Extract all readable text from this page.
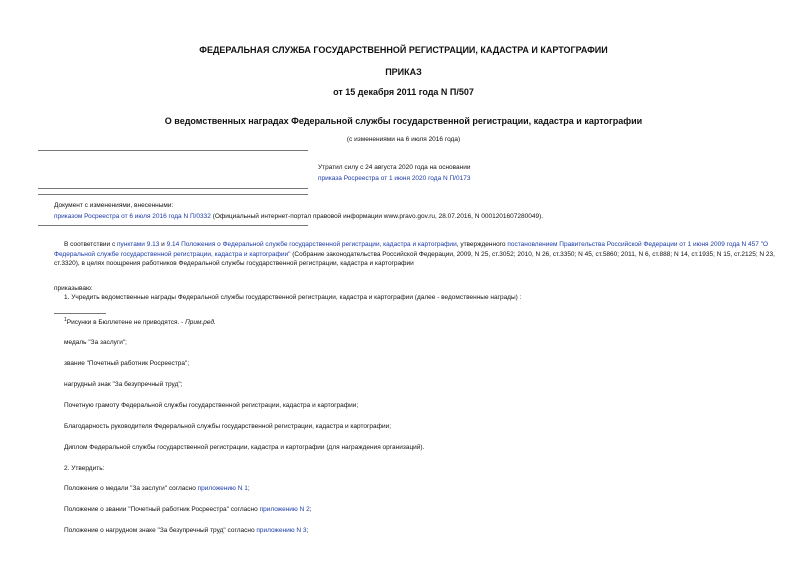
ФЕДЕРАЛЬНАЯ СЛУЖБА ГОСУДАРСТВЕННОЙ РЕГИСТРАЦИИ, КАДАСТРА И КАРТОГРАФИИ
ПРИКАЗ
от 15 декабря 2011 года N П/507
О ведомственных наградах Федеральной службы государственной регистрации, кадастра и картографии
(с изменениями на 6 июля 2016 года)
Утратил силу с 24 августа 2020 года на основании
приказа Росреестра от 1 июня 2020 года N П/0173
Документ с изменениями, внесенными:
приказом Росреестра от 6 июля 2016 года N П/0332 (Официальный интернет-портал правовой информации www.pravo.gov.ru, 28.07.2016, N 0001201607280049).
В соответствии с пунктами 9.13 и 9.14 Положения о Федеральной службе государственной регистрации, кадастра и картографии, утвержденного постановлением Правительства Российской Федерации от 1 июня 2009 года N 457 "О Федеральной службе государственной регистрации, кадастра и картографии" (Собрание законодательства Российской Федерации, 2009, N 25, ст.3052; 2010, N 26, ст.3350; N 45, ст.5860; 2011, N 6, ст.888; N 14, ст.1935; N 15, ст.2125; N 23, ст.3320), в целях поощрения работников Федеральной службы государственной регистрации, кадастра и картографии
приказываю:
1. Учредить ведомственные награды Федеральной службы государственной регистрации, кадастра и картографии (далее - ведомственные награды) :
$^1$Рисунки в Бюллетене не приводятся. - Прим.ред.
медаль "За заслуги";
звание "Почетный работник Росреестра";
нагрудный знак "За безупречный труд";
Почетную грамоту Федеральной службы государственной регистрации, кадастра и картографии;
Благодарность руководителя Федеральной службы государственной регистрации, кадастра и картографии;
Диплом Федеральной службы государственной регистрации, кадастра и картографии (для награждения организаций).
2. Утвердить:
Положение о медали "За заслуги" согласно приложению N 1;
Положение о звании "Почетный работник Росреестра" согласно приложению N 2;
Положение о нагрудном знаке "За безупречный труд" согласно приложению N 3;
